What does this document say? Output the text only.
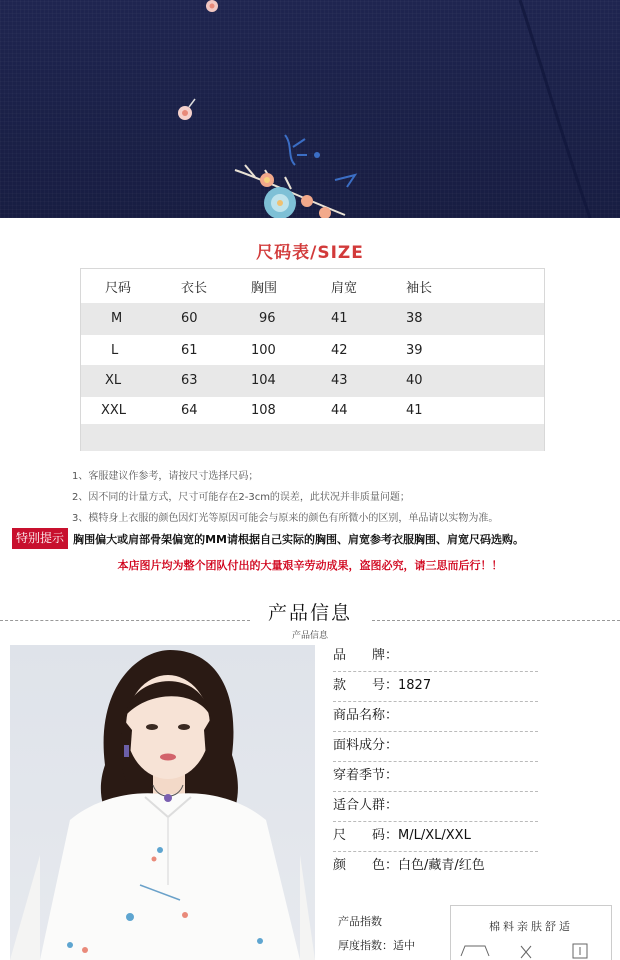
尺码表/SIZE
尺码	衣长	胸围	肩宽	袖长
M	60	96	41	38
L	61	100	42	39
XL	63	104	43	40
XXL	64	108	44	41
1、客服建议作参考，请按尺寸选择尺码；
2、因不同的计量方式，尺寸可能存在2-3cm的误差，此状况并非质量问题；
3、模特身上衣服的颜色因灯光等原因可能会与原来的颜色有所微小的区别，单品请以实物为准。
特别提示 胸围偏大或肩部骨架偏宽的MM请根据自己实际的胸围、肩宽参考衣服胸围、肩宽尺码选购。
本店图片均为整个团队付出的大量艰辛劳动成果，盗图必究，请三思而后行！！
产品信息
产品信息
品　　牌：
款　　号：1827
商品名称：
面料成分：
穿着季节：
适合人群：
尺　　码：M/L/XL/XXL
颜　　色：白色/藏青/红色
产品指数
厚度指数：适中
棉料亲肤舒适
